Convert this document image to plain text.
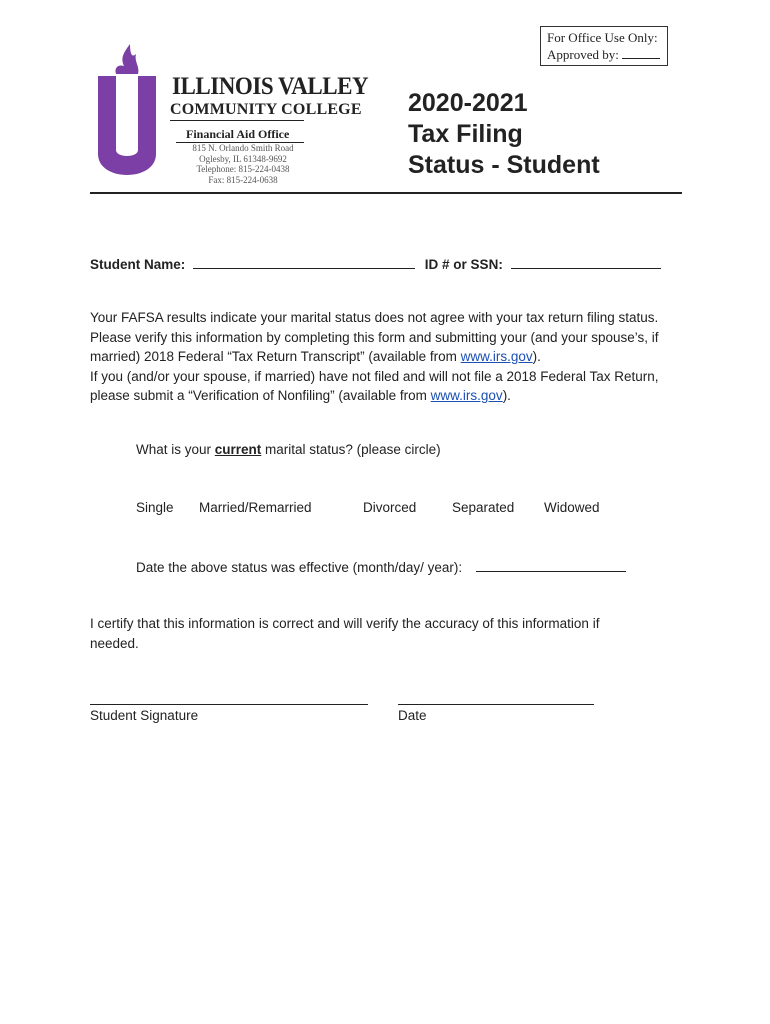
For Office Use Only:
Approved by:
ILLINOIS VALLEY
COMMUNITY COLLEGE
Financial Aid Office
815 N. Orlando Smith Road
Oglesby, IL 61348-9692
Telephone: 815-224-0438
Fax: 815-224-0638
2020-2021
Tax Filing
Status - Student
Student Name:	ID # or SSN:
Your FAFSA results indicate your marital status does not agree with your tax return filing status. Please verify this information by completing this form and submitting your (and your spouse’s, if married) 2018 Federal “Tax Return Transcript” (available from www.irs.gov).
If you (and/or your spouse, if married) have not filed and will not file a 2018 Federal Tax Return, please submit a “Verification of Nonfiling” (available from www.irs.gov).
What is your current marital status? (please circle)
Single Married/Remarried	Divorced	Separated Widowed
Date the above status was effective (month/day/ year):
I certify that this information is correct and will verify the accuracy of this information if needed.
Student Signature	Date
